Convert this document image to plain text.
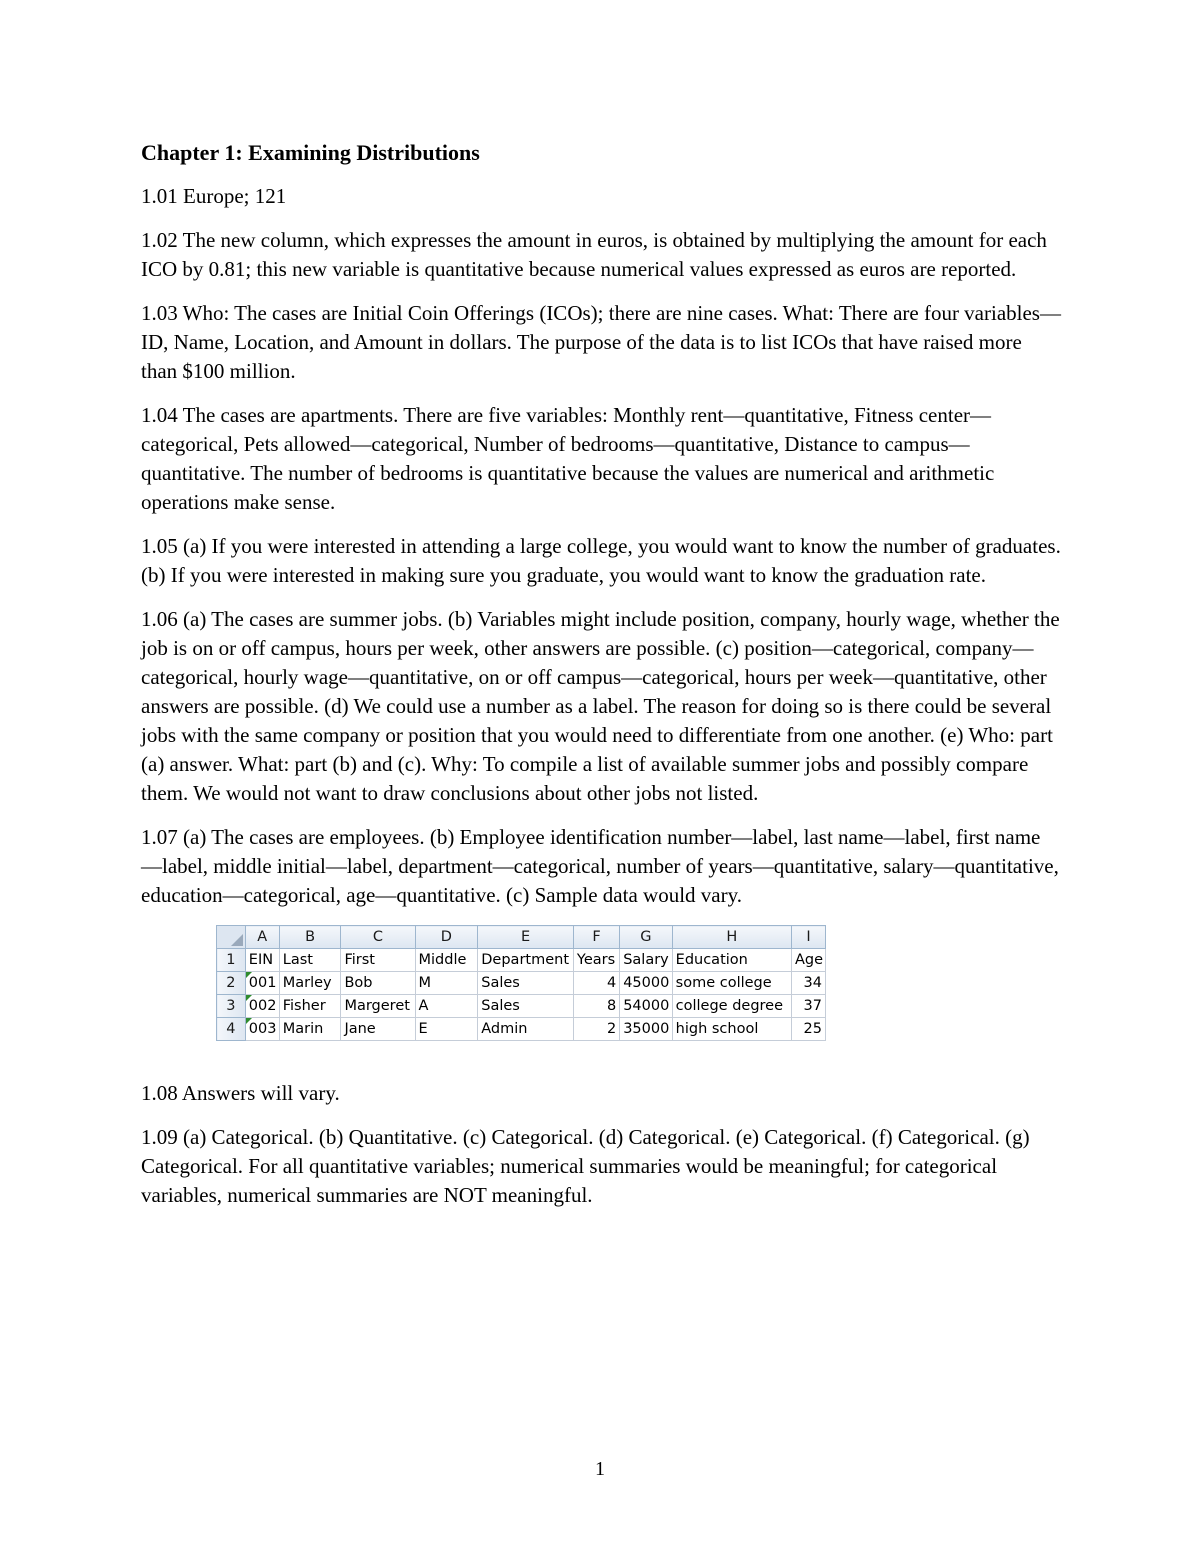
Chapter 1: Examining Distributions

1.01 Europe; 121

1.02 The new column, which expresses the amount in euros, is obtained by multiplying the amount for each ICO by 0.81; this new variable is quantitative because numerical values expressed as euros are reported.

1.03 Who: The cases are Initial Coin Offerings (ICOs); there are nine cases. What: There are four variables—ID, Name, Location, and Amount in dollars. The purpose of the data is to list ICOs that have raised more than $100 million.

1.04 The cases are apartments. There are five variables: Monthly rent—quantitative, Fitness center—categorical, Pets allowed—categorical, Number of bedrooms—quantitative, Distance to campus—quantitative. The number of bedrooms is quantitative because the values are numerical and arithmetic operations make sense.

1.05 (a) If you were interested in attending a large college, you would want to know the number of graduates. (b) If you were interested in making sure you graduate, you would want to know the graduation rate.

1.06 (a) The cases are summer jobs. (b) Variables might include position, company, hourly wage, whether the job is on or off campus, hours per week, other answers are possible. (c) position—categorical, company—categorical, hourly wage—quantitative, on or off campus—categorical, hours per week—quantitative, other answers are possible. (d) We could use a number as a label. The reason for doing so is there could be several jobs with the same company or position that you would need to differentiate from one another. (e) Who: part (a) answer. What: part (b) and (c). Why: To compile a list of available summer jobs and possibly compare them. We would not want to draw conclusions about other jobs not listed.

1.07 (a) The cases are employees. (b) Employee identification number—label, last name—label, first name—label, middle initial—label, department—categorical, number of years—quantitative, salary—quantitative, education—categorical, age—quantitative. (c) Sample data would vary.

	A	B	C	D	E	F	G	H	I
1	EIN	Last	First	Middle	Department	Years	Salary	Education	Age
2	001	Marley	Bob	M	Sales	4	45000	some college	34
3	002	Fisher	Margeret	A	Sales	8	54000	college degree	37
4	003	Marin	Jane	E	Admin	2	35000	high school	25

1.08 Answers will vary.

1.09 (a) Categorical. (b) Quantitative. (c) Categorical. (d) Categorical. (e) Categorical. (f) Categorical. (g) Categorical. For all quantitative variables; numerical summaries would be meaningful; for categorical variables, numerical summaries are NOT meaningful.

1
